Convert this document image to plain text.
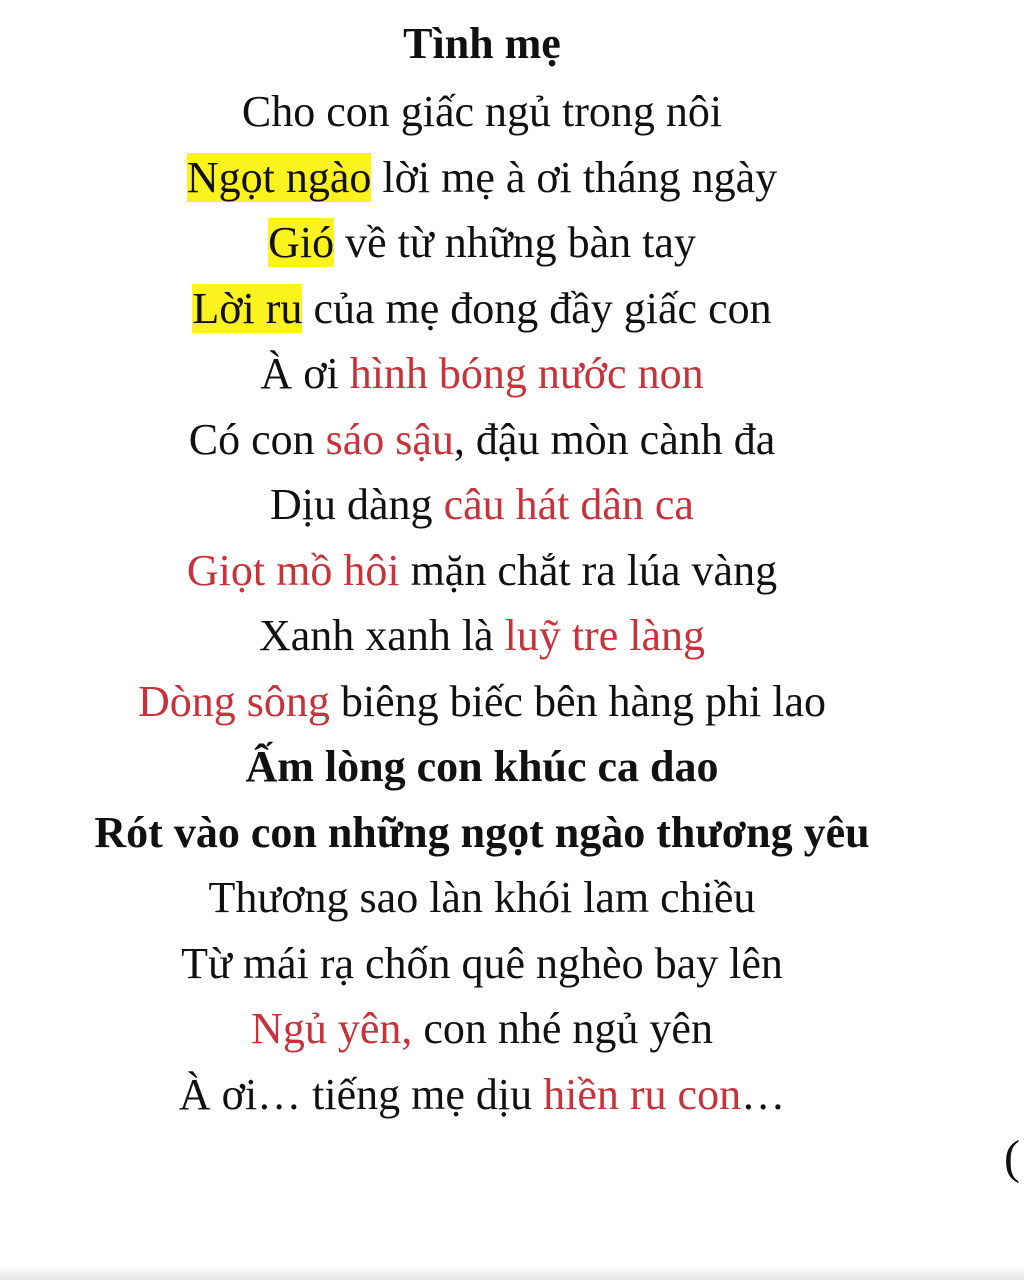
Tình mẹ
Cho con giấc ngủ trong nôi
Ngọt ngào lời mẹ à ơi tháng ngày
Gió về từ những bàn tay
Lời ru của mẹ đong đầy giấc con
À ơi hình bóng nước non
Có con sáo sậu, đậu mòn cành đa
Dịu dàng câu hát dân ca
Giọt mồ hôi mặn chắt ra lúa vàng
Xanh xanh là luỹ tre làng
Dòng sông biêng biếc bên hàng phi lao
Ấm lòng con khúc ca dao
Rót vào con những ngọt ngào thương yêu
Thương sao làn khói lam chiều
Từ mái rạ chốn quê nghèo bay lên
Ngủ yên, con nhé ngủ yên
À ơi… tiếng mẹ dịu hiền ru con…
(
